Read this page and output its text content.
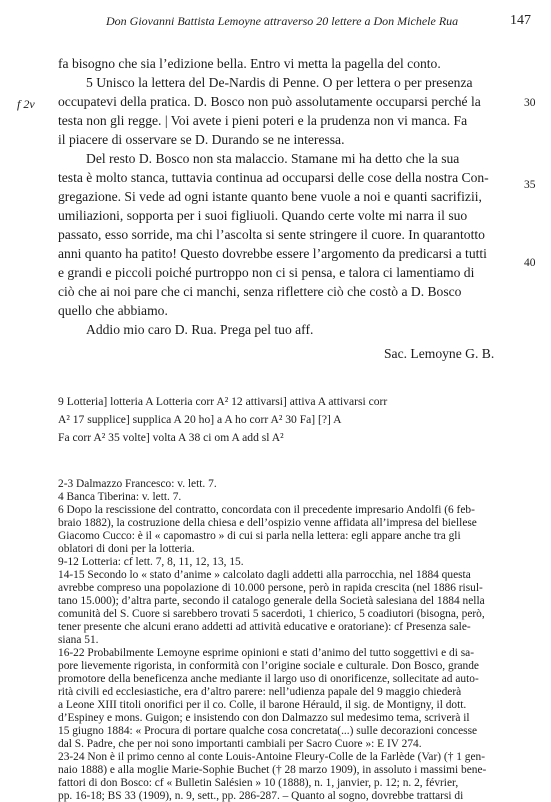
Don Giovanni Battista Lemoyne attraverso 20 lettere a Don Michele Rua	147
f 2v	30
35
40
fa bisogno che sia l’edizione bella. Entro vi metta la pagella del conto.
5 Unisco la lettera del De-Nardis di Penne. O per lettera o per presenza
occupatevi della pratica. D. Bosco non può assolutamente occuparsi perché la
testa non gli regge. | Voi avete i pieni poteri e la prudenza non vi manca. Fa
il piacere di osservare se D. Durando se ne interessa.
Del resto D. Bosco non sta malaccio. Stamane mi ha detto che la sua
testa è molto stanca, tuttavia continua ad occuparsi delle cose della nostra Con-
gregazione. Si vede ad ogni istante quanto bene vuole a noi e quanti sacrifizii,
umiliazioni, sopporta per i suoi figliuoli. Quando certe volte mi narra il suo
passato, esso sorride, ma chi l’ascolta si sente stringere il cuore. In quarantotto
anni quanto ha patito! Questo dovrebbe essere l’argomento da predicarsi a tutti
e grandi e piccoli poiché purtroppo non ci si pensa, e talora ci lamentiamo di
ciò che ai noi pare che ci manchi, senza riflettere ciò che costò a D. Bosco
quello che abbiamo.
Addio mio caro D. Rua. Prega pel tuo aff.
Sac. Lemoyne G. B.
9 Lotteria] lotteria A Lotteria corr A² 12 attivarsi] attiva A attivarsi corr
A² 17 supplice] supplica A 20 ho] a A ho corr A² 30 Fa] [?] A
Fa corr A² 35 volte] volta A 38 ci om A add sl A²
2-3 Dalmazzo Francesco: v. lett. 7.
4 Banca Tiberina: v. lett. 7.
6 Dopo la rescissione del contratto, concordata con il precedente impresario Andolfi (6 feb-
braio 1882), la costruzione della chiesa e dell’ospizio venne affidata all’impresa del biellese
Giacomo Cucco: è il « capomastro » di cui si parla nella lettera: egli appare anche tra gli
oblatori di doni per la lotteria.
9-12 Lotteria: cf lett. 7, 8, 11, 12, 13, 15.
14-15 Secondo lo « stato d’anime » calcolato dagli addetti alla parrocchia, nel 1884 questa
avrebbe compreso una popolazione di 10.000 persone, però in rapida crescita (nel 1886 risul-
tano 15.000); d’altra parte, secondo il catalogo generale della Società salesiana del 1884 nella
comunità del S. Cuore si sarebbero trovati 5 sacerdoti, 1 chierico, 5 coadiutori (bisogna, però,
tener presente che alcuni erano addetti ad attività educative e oratoriane): cf Presenza sale-
siana 51.
16-22 Probabilmente Lemoyne esprime opinioni e stati d’animo del tutto soggettivi e di sa-
pore lievemente rigorista, in conformità con l’origine sociale e culturale. Don Bosco, grande
promotore della beneficenza anche mediante il largo uso di onorificenze, sollecitate ad auto-
rità civili ed ecclesiastiche, era d’altro parere: nell’udienza papale del 9 maggio chiederà
a Leone XIII titoli onorifici per il co. Colle, il barone Hérauld, il sig. de Montigny, il dott.
d’Espiney e mons. Guigon; e insistendo con don Dalmazzo sul medesimo tema, scriverà il
15 giugno 1884: « Procura di portare qualche cosa concretata(...) sulle decorazioni concesse
dal S. Padre, che per noi sono importanti cambiali per Sacro Cuore »: E IV 274.
23-24 Non è il primo cenno al conte Louis-Antoine Fleury-Colle de la Farlède (Var) († 1 gen-
naio 1888) e alla moglie Marie-Sophie Buchet († 28 marzo 1909), in assoluto i massimi bene-
fattori di don Bosco: cf « Bulletin Salésien » 10 (1888), n. 1, janvier, p. 12; n. 2, février,
pp. 16-18; BS 33 (1909), n. 9, sett., pp. 286-287. – Quanto al sogno, dovrebbe trattarsi di
